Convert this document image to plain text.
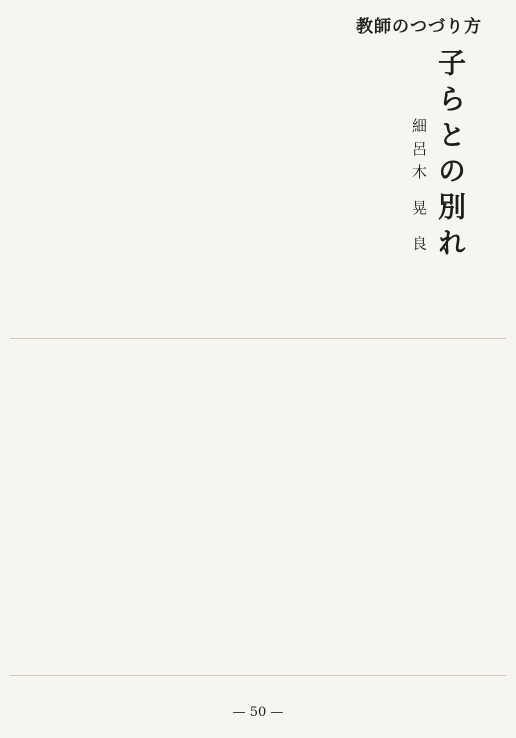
教師のつづり方
子らとの別れ
細呂木 晃 良
— 50 —
